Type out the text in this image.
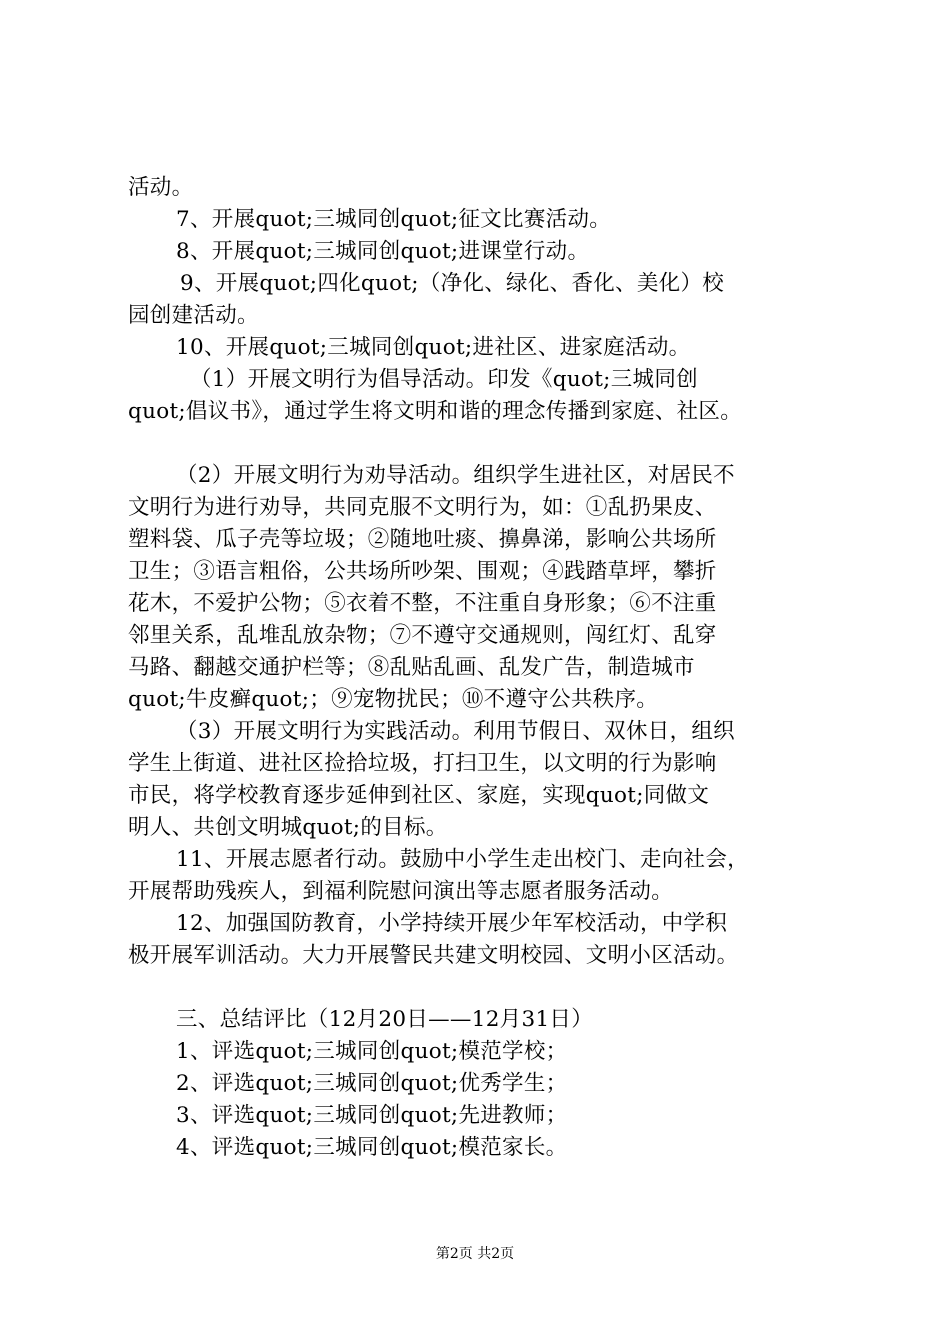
活动。
7、开展quot;三城同创quot;征文比赛活动。
8、开展quot;三城同创quot;进课堂行动。
9、开展quot;四化quot;（净化、绿化、香化、美化）校
园创建活动。
10、开展quot;三城同创quot;进社区、进家庭活动。
（1）开展文明行为倡导活动。印发《quot;三城同创
quot;倡议书》，通过学生将文明和谐的理念传播到家庭、社区。
（2）开展文明行为劝导活动。组织学生进社区，对居民不
文明行为进行劝导，共同克服不文明行为，如：①乱扔果皮、
塑料袋、瓜子壳等垃圾；②随地吐痰、擤鼻涕，影响公共场所
卫生；③语言粗俗，公共场所吵架、围观；④践踏草坪，攀折
花木，不爱护公物；⑤衣着不整，不注重自身形象；⑥不注重
邻里关系，乱堆乱放杂物；⑦不遵守交通规则，闯红灯、乱穿
马路、翻越交通护栏等；⑧乱贴乱画、乱发广告，制造城市
quot;牛皮癣quot;；⑨宠物扰民；⑩不遵守公共秩序。
（3）开展文明行为实践活动。利用节假日、双休日，组织
学生上街道、进社区捡拾垃圾，打扫卫生，以文明的行为影响
市民，将学校教育逐步延伸到社区、家庭，实现quot;同做文
明人、共创文明城quot;的目标。
11、开展志愿者行动。鼓励中小学生走出校门、走向社会，
开展帮助残疾人，到福利院慰问演出等志愿者服务活动。
12、加强国防教育，小学持续开展少年军校活动，中学积
极开展军训活动。大力开展警民共建文明校园、文明小区活动。
三、总结评比（12月20日——12月31日）
1、评选quot;三城同创quot;模范学校；
2、评选quot;三城同创quot;优秀学生；
3、评选quot;三城同创quot;先进教师；
4、评选quot;三城同创quot;模范家长。
第2页 共2页
